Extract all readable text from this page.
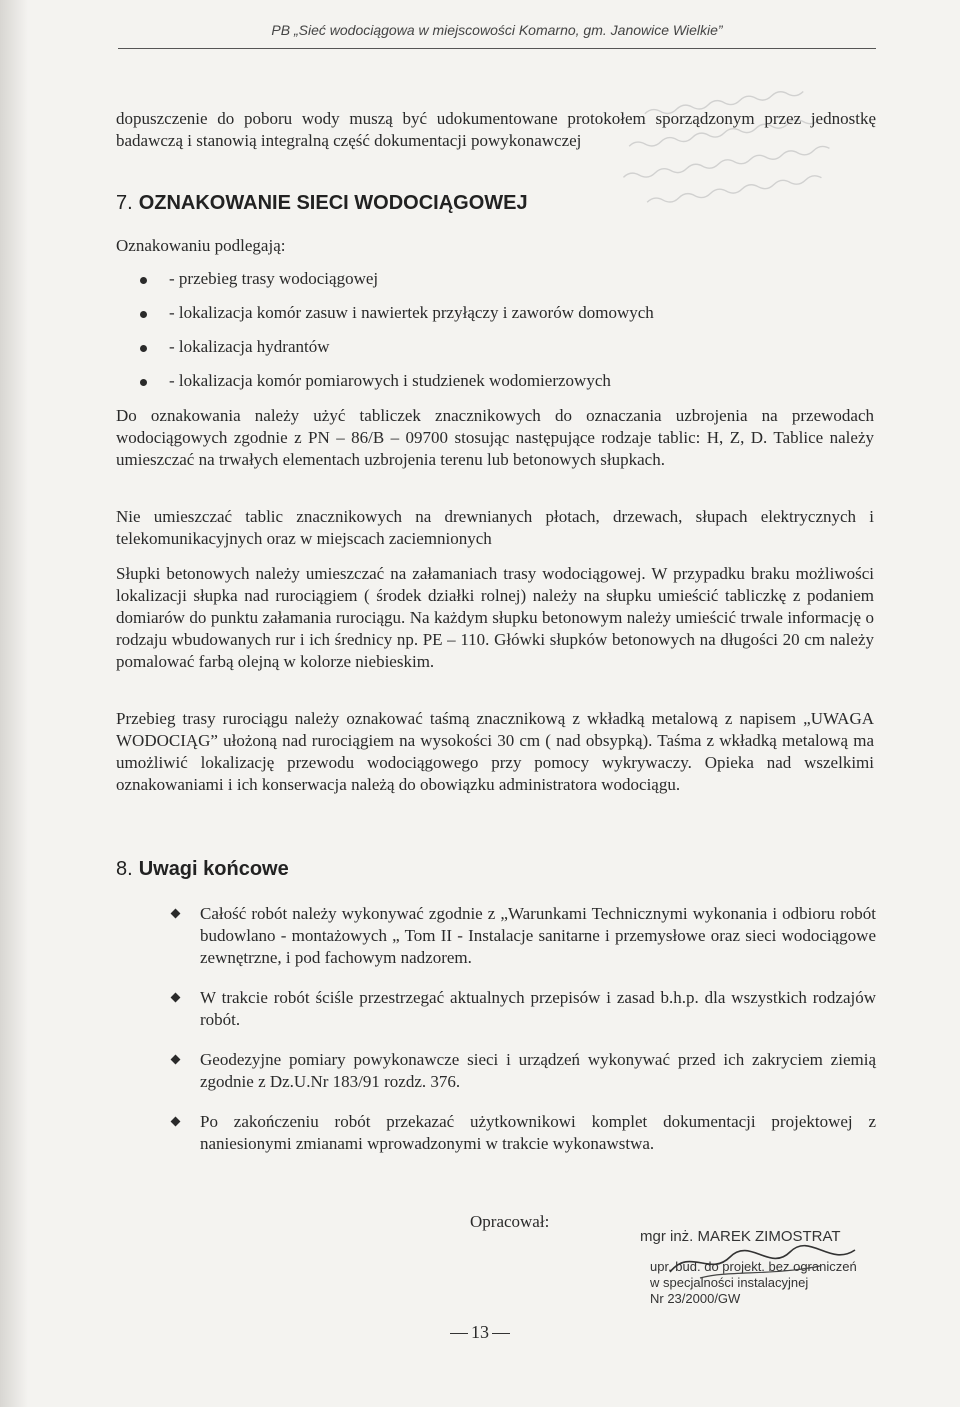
PB „Sieć wodociągowa w miejscowości Komarno, gm. Janowice Wielkie”
dopuszczenie do poboru wody muszą być udokumentowane protokołem sporządzonym przez jednostkę badawczą i stanowią integralną część dokumentacji powykonawczej
7. OZNAKOWANIE SIECI WODOCIĄGOWEJ
Oznakowaniu podlegają:
- przebieg trasy wodociągowej
- lokalizacja komór zasuw i nawiertek przyłączy i zaworów domowych
- lokalizacja hydrantów
- lokalizacja komór pomiarowych i studzienek wodomierzowych

Do oznakowania należy użyć tabliczek znacznikowych do oznaczania uzbrojenia na przewodach wodociągowych zgodnie z PN – 86/B – 09700 stosując następujące rodzaje tablic: H, Z, D. Tablice należy umieszczać na trwałych elementach uzbrojenia terenu lub betonowych słupkach.

Nie umieszczać tablic znacznikowych na drewnianych płotach, drzewach, słupach elektrycznych i telekomunikacyjnych oraz w miejscach zaciemnionych

Słupki betonowych należy umieszczać na załamaniach trasy wodociągowej. W przypadku braku możliwości lokalizacji słupka nad rurociągiem ( środek działki rolnej) należy na słupku umieścić tabliczkę z podaniem domiarów do punktu załamania rurociągu. Na każdym słupku betonowym należy umieścić trwale informację o rodzaju wbudowanych rur i ich średnicy np. PE – 110. Główki słupków betonowych na długości 20 cm należy pomalować farbą olejną w kolorze niebieskim.

Przebieg trasy rurociągu należy oznakować taśmą znacznikową z wkładką metalową z napisem „UWAGA WODOCIĄG” ułożoną nad rurociągiem na wysokości 30 cm ( nad obsypką). Taśma z wkładką metalową ma umożliwić lokalizację przewodu wodociągowego przy pomocy wykrywaczy. Opieka nad wszelkimi oznakowaniami i ich konserwacja należą do obowiązku administratora wodociągu.

8. Uwagi końcowe
Całość robót należy wykonywać zgodnie z „Warunkami Technicznymi wykonania i odbioru robót budowlano - montażowych „ Tom II - Instalacje sanitarne i przemysłowe oraz sieci wodociągowe zewnętrzne, i pod fachowym nadzorem.
W trakcie robót ściśle przestrzegać aktualnych przepisów i zasad b.h.p. dla wszystkich rodzajów robót.
Geodezyjne pomiary powykonawcze sieci i urządzeń wykonywać przed ich zakryciem ziemią zgodnie z Dz.U.Nr 183/91 rozdz. 376.
Po zakończeniu robót przekazać użytkownikowi komplet dokumentacji projektowej z naniesionymi zmianami wprowadzonymi w trakcie wykonawstwa.
Opracował:
mgr inż. MAREK ZIMOSTRAT
upr. bud. do projekt. bez ograniczeń
w specjalności instalacyjnej
Nr 23/2000/GW
13
